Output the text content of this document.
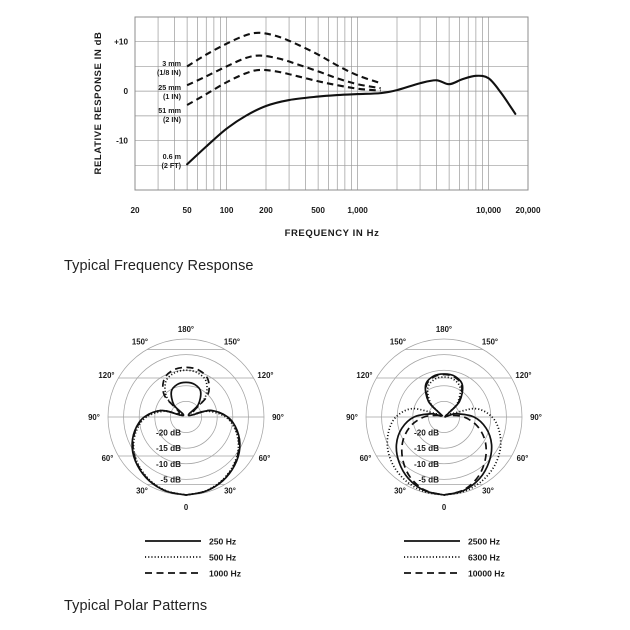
+10
0
-10
20	50	100	200	500	1,000	10,000 20,000
RELATIVE RESPONSE IN dB
FREQUENCY IN Hz
3 mm
(1/8 IN)
25 mm
(1 IN)
51 mm
(2 IN)
0.6 m
(2 FT)
Typical Frequency Response
-20 dB
-15 dB
-10 dB
-5 dB
0
30°
60°
90°
120°
150°
180°
150°
120°
90°
60°
30°
-20 dB
-15 dB
-10 dB
-5 dB
0
30°
60°
90°
120°
150°
180°
150°
120°
90°
60°
30°
250 Hz
500 Hz
1000 Hz
2500 Hz
6300 Hz
10000 Hz
Typical Polar Patterns
